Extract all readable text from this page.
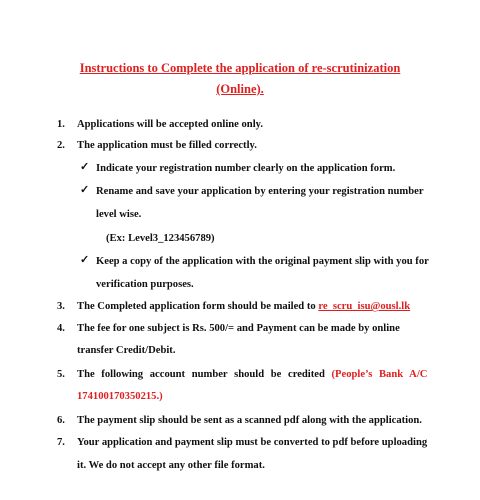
Instructions to Complete the application of re-scrutinization
(Online).
1. Applications will be accepted online only.
2. The application must be filled correctly.
✓ Indicate your registration number clearly on the application form.
✓ Rename and save your application by entering your registration number
level wise.
(Ex: Level3_123456789)
✓ Keep a copy of the application with the original payment slip with you for
verification purposes.
3. The Completed application form should be mailed to re_scru_isu@ousl.lk
4. The fee for one subject is Rs. 500/= and Payment can be made by online
transfer Credit/Debit.
5. The following account number should be credited (People’s Bank A/C
174100170350215.)
6. The payment slip should be sent as a scanned pdf along with the application.
7. Your application and payment slip must be converted to pdf before uploading
it. We do not accept any other file format.
